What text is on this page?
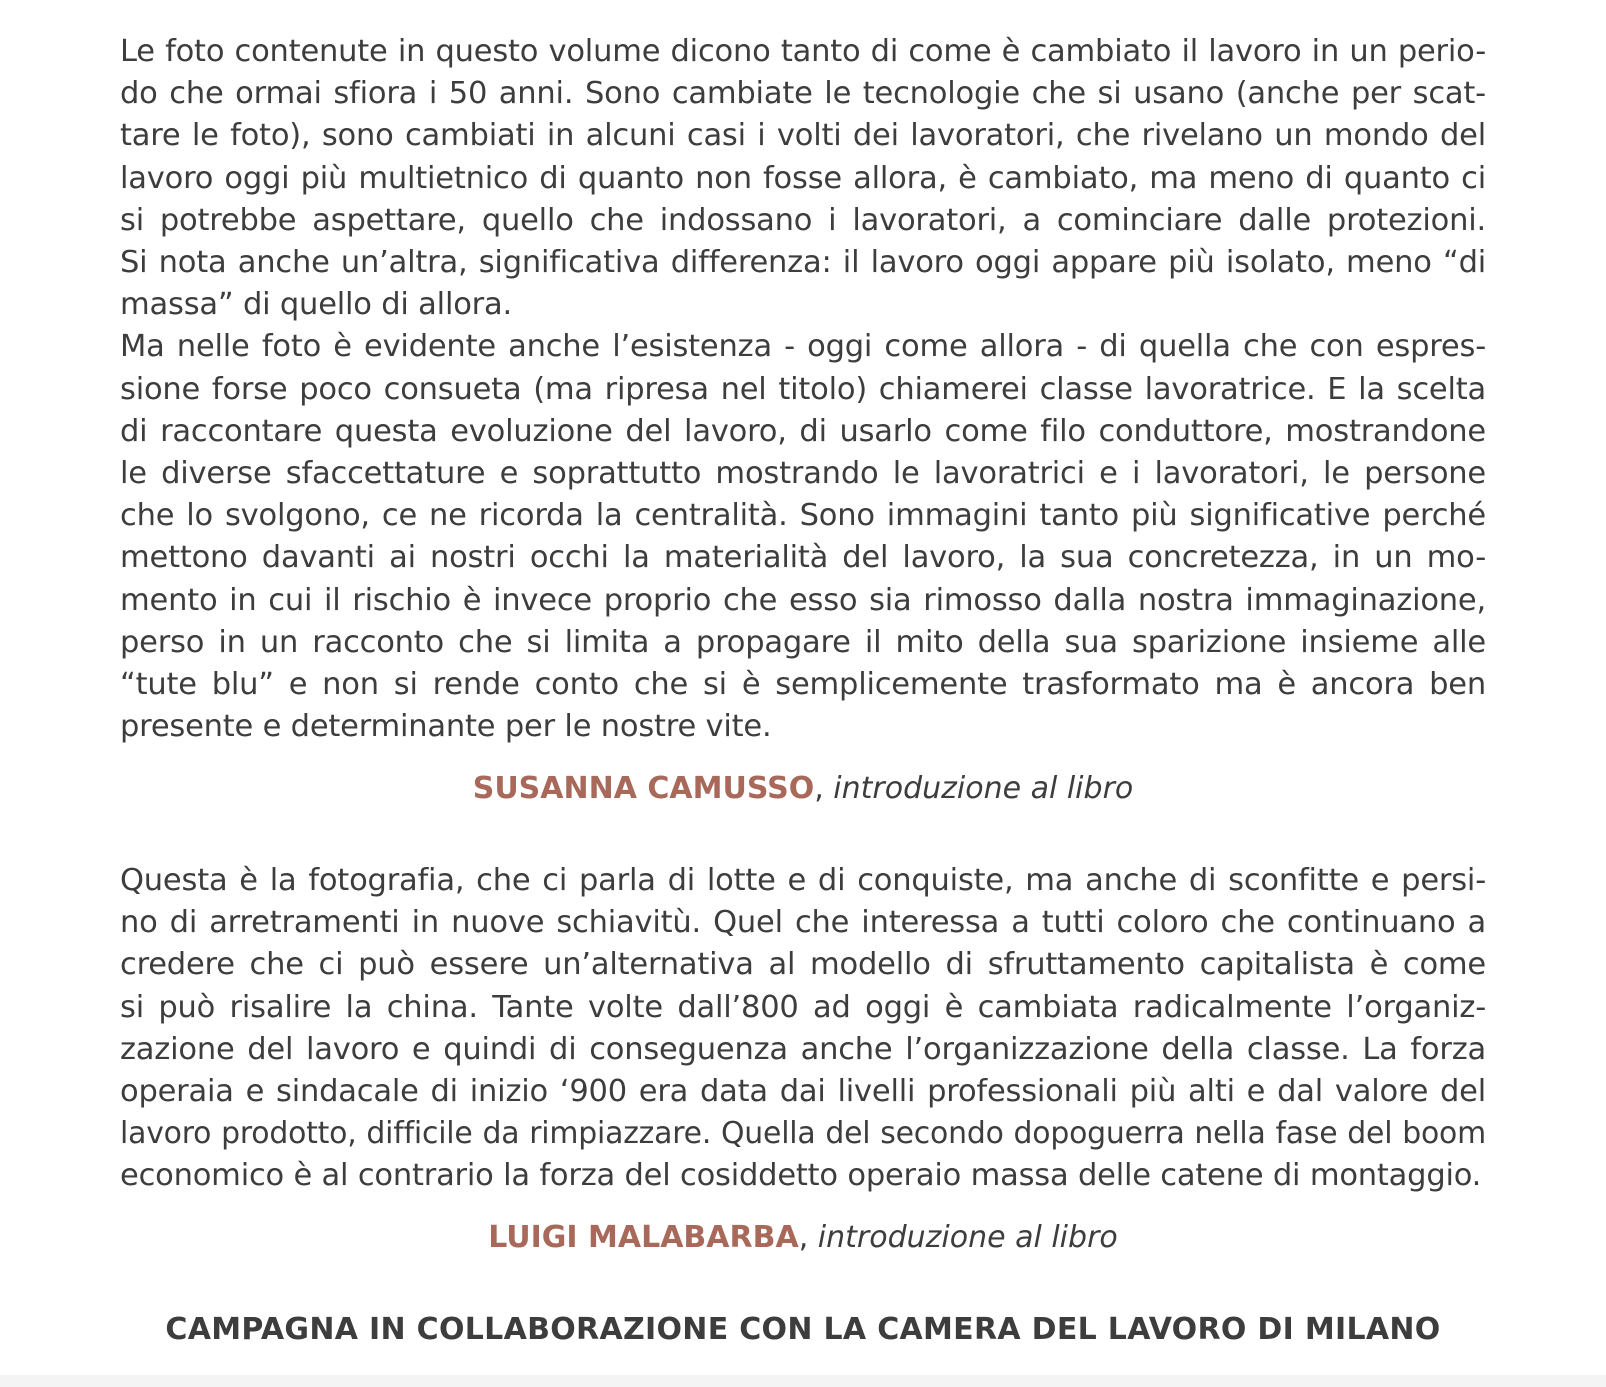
Le foto contenute in questo volume dicono tanto di come è cambiato il lavoro in un perio-
do che ormai sfiora i 50 anni. Sono cambiate le tecnologie che si usano (anche per scat-
tare le foto), sono cambiati in alcuni casi i volti dei lavoratori, che rivelano un mondo del
lavoro oggi più multietnico di quanto non fosse allora, è cambiato, ma meno di quanto ci
si potrebbe aspettare, quello che indossano i lavoratori, a cominciare dalle protezioni.
Si nota anche un’altra, significativa differenza: il lavoro oggi appare più isolato, meno “di
massa” di quello di allora.
Ma nelle foto è evidente anche l’esistenza - oggi come allora - di quella che con espres-
sione forse poco consueta (ma ripresa nel titolo) chiamerei classe lavoratrice. E la scelta
di raccontare questa evoluzione del lavoro, di usarlo come filo conduttore, mostrandone
le diverse sfaccettature e soprattutto mostrando le lavoratrici e i lavoratori, le persone
che lo svolgono, ce ne ricorda la centralità. Sono immagini tanto più significative perché
mettono davanti ai nostri occhi la materialità del lavoro, la sua concretezza, in un mo-
mento in cui il rischio è invece proprio che esso sia rimosso dalla nostra immaginazione,
perso in un racconto che si limita a propagare il mito della sua sparizione insieme alle
“tute blu” e non si rende conto che si è semplicemente trasformato ma è ancora ben
presente e determinante per le nostre vite.

SUSANNA CAMUSSO, introduzione al libro

Questa è la fotografia, che ci parla di lotte e di conquiste, ma anche di sconfitte e persi-
no di arretramenti in nuove schiavitù. Quel che interessa a tutti coloro che continuano a
credere che ci può essere un’alternativa al modello di sfruttamento capitalista è come
si può risalire la china. Tante volte dall’800 ad oggi è cambiata radicalmente l’organiz-
zazione del lavoro e quindi di conseguenza anche l’organizzazione della classe. La forza
operaia e sindacale di inizio ‘900 era data dai livelli professionali più alti e dal valore del
lavoro prodotto, difficile da rimpiazzare. Quella del secondo dopoguerra nella fase del boom
economico è al contrario la forza del cosiddetto operaio massa delle catene di montaggio.

LUIGI MALABARBA, introduzione al libro
CAMPAGNA IN COLLABORAZIONE CON LA CAMERA DEL LAVORO DI MILANO
